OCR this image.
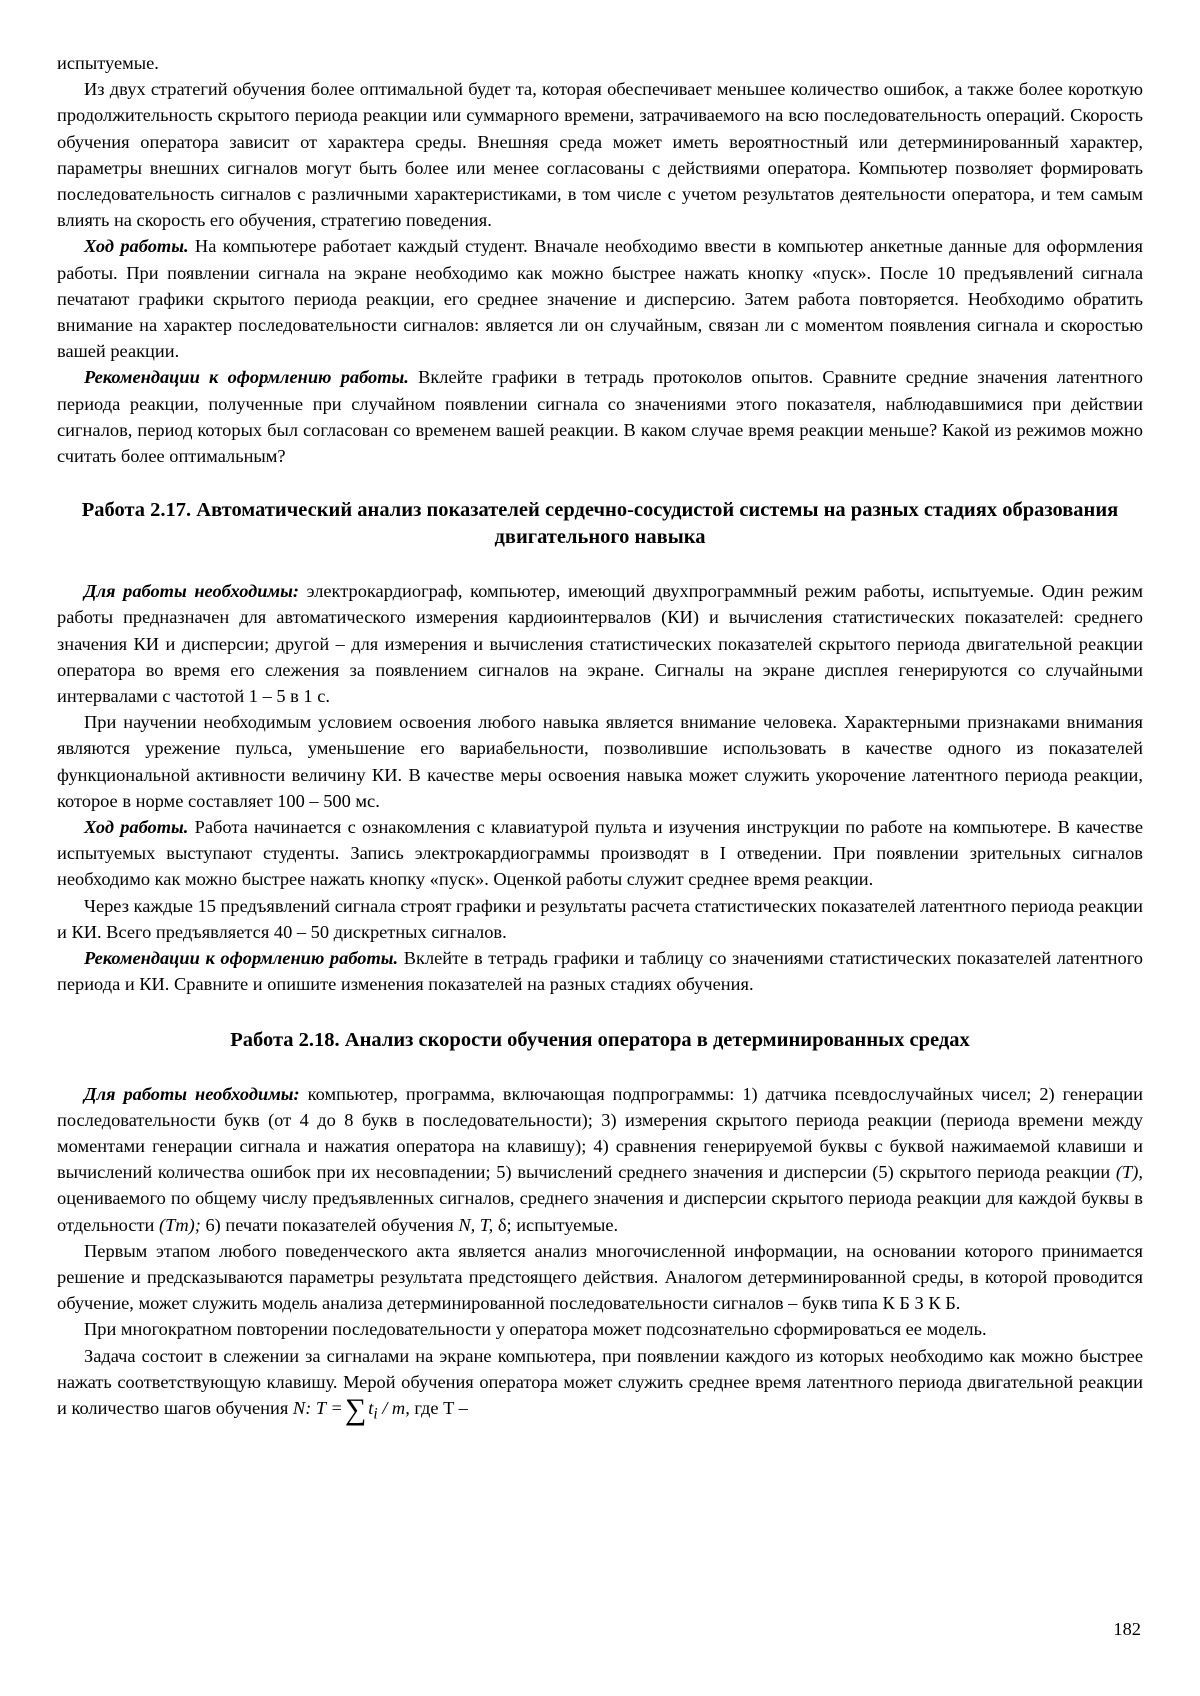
испытуемые.

Из двух стратегий обучения более оптимальной будет та, которая обеспечивает меньшее количество ошибок, а также более короткую продолжительность скрытого периода реакции или суммарного времени, затрачиваемого на всю последовательность операций. Скорость обучения оператора зависит от характера среды. Внешняя среда может иметь вероятностный или детерминированный характер, параметры внешних сигналов могут быть более или менее согласованы с действиями оператора. Компьютер позволяет формировать последовательность сигналов с различными характеристиками, в том числе с учетом результатов деятельности оператора, и тем самым влиять на скорость его обучения, стратегию поведения.

Ход работы. На компьютере работает каждый студент. Вначале необходимо ввести в компьютер анкетные данные для оформления работы. При появлении сигнала на экране необходимо как можно быстрее нажать кнопку «пуск». После 10 предъявлений сигнала печатают графики скрытого периода реакции, его среднее значение и дисперсию. Затем работа повторяется. Необходимо обратить внимание на характер последовательности сигналов: является ли он случайным, связан ли с моментом появления сигнала и скоростью вашей реакции.

Рекомендации к оформлению работы. Вклейте графики в тетрадь протоколов опытов. Сравните средние значения латентного периода реакции, полученные при случайном появлении сигнала со значениями этого показателя, наблюдавшимися при действии сигналов, период которых был согласован со временем вашей реакции. В каком случае время реакции меньше? Какой из режимов можно считать более оптимальным?

Работа 2.17. Автоматический анализ показателей сердечно-сосудистой системы на разных стадиях образования двигательного навыка

Для работы необходимы: электрокардиограф, компьютер, имеющий двухпрограммный режим работы, испытуемые. Один режим работы предназначен для автоматического измерения кардиоинтервалов (КИ) и вычисления статистических показателей: среднего значения КИ и дисперсии; другой – для измерения и вычисления статистических показателей скрытого периода двигательной реакции оператора во время его слежения за появлением сигналов на экране. Сигналы на экране дисплея генерируются со случайными интервалами с частотой 1 – 5 в 1 с.

При научении необходимым условием освоения любого навыка является внимание человека. Характерными признаками внимания являются урежение пульса, уменьшение его вариабельности, позволившие использовать в качестве одного из показателей функциональной активности величину КИ. В качестве меры освоения навыка может служить укорочение латентного периода реакции, которое в норме составляет 100 – 500 мс.

Ход работы. Работа начинается с ознакомления с клавиатурой пульта и изучения инструкции по работе на компьютере. В качестве испытуемых выступают студенты. Запись электрокардиограммы производят в I отведении. При появлении зрительных сигналов необходимо как можно быстрее нажать кнопку «пуск». Оценкой работы служит среднее время реакции.

Через каждые 15 предъявлений сигнала строят графики и результаты расчета статистических показателей латентного периода реакции и КИ. Всего предъявляется 40 – 50 дискретных сигналов.

Рекомендации к оформлению работы. Вклейте в тетрадь графики и таблицу со значениями статистических показателей латентного периода и КИ. Сравните и опишите изменения показателей на разных стадиях обучения.

Работа 2.18. Анализ скорости обучения оператора в детерминированных средах

Для работы необходимы: компьютер, программа, включающая подпрограммы: 1) датчика псевдослучайных чисел; 2) генерации последовательности букв (от 4 до 8 букв в последовательности); 3) измерения скрытого периода реакции (периода времени между моментами генерации сигнала и нажатия оператора на клавишу); 4) сравнения генерируемой буквы с буквой нажимаемой клавиши и вычислений количества ошибок при их несовпадении; 5) вычислений среднего значения и дисперсии (5) скрытого периода реакции (T), оцениваемого по общему числу предъявленных сигналов, среднего значения и дисперсии скрытого периода реакции для каждой буквы в отдельности (Tm); 6) печати показателей обучения N, T, δ; испытуемые.

Первым этапом любого поведенческого акта является анализ многочисленной информации, на основании которого принимается решение и предсказываются параметры результата предстоящего действия. Аналогом детерминированной среды, в которой проводится обучение, может служить модель анализа детерминированной последовательности сигналов – букв типа К Б З К Б.

При многократном повторении последовательности у оператора может подсознательно сформироваться ее модель.

Задача состоит в слежении за сигналами на экране компьютера, при появлении каждого из которых необходимо как можно быстрее нажать соответствующую клавишу. Мерой обучения оператора может служить среднее время латентного периода двигательной реакции и количество шагов обучения N: T =∑ $t_i$ / m, где T –

182
